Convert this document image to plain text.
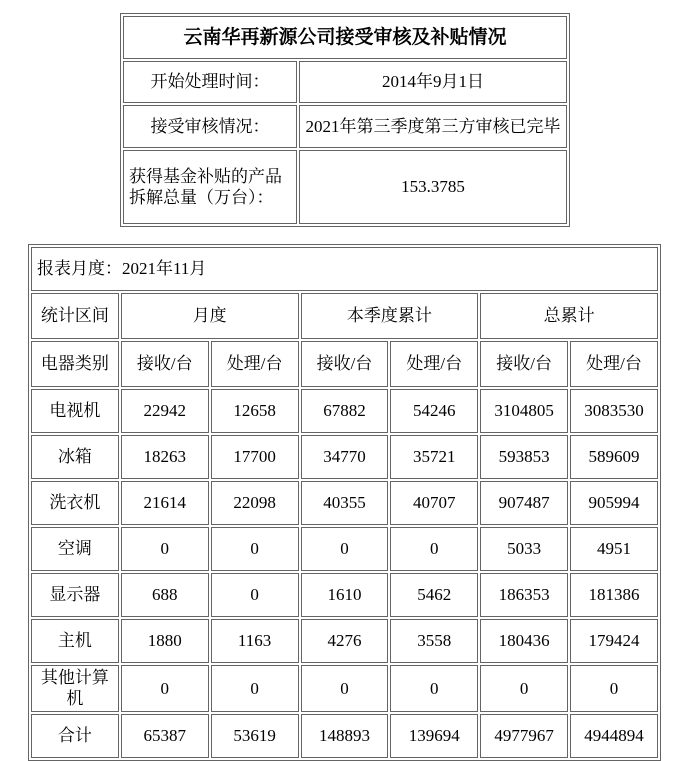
云南华再新源公司接受审核及补贴情况	
开始处理时间：	2014年9月1日
接受审核情况：	2021年第三季度第三方审核已完毕
获得基金补贴的产品拆解总量（万台）：	153.3785
报表月度：2021年11月						
统计区间	月度		本季度累计		总累计	
电器类别	接收/台	处理/台	接收/台	处理/台	接收/台	处理/台
电视机	22942	12658	67882	54246	3104805	3083530
冰箱	18263	17700	34770	35721	593853	589609
洗衣机	21614	22098	40355	40707	907487	905994
空调	0	0	0	0	5033	4951
显示器	688	0	1610	5462	186353	181386
主机	1880	1163	4276	3558	180436	179424
其他计算机	0	0	0	0	0	0
合计	65387	53619	148893	139694	4977967	4944894
